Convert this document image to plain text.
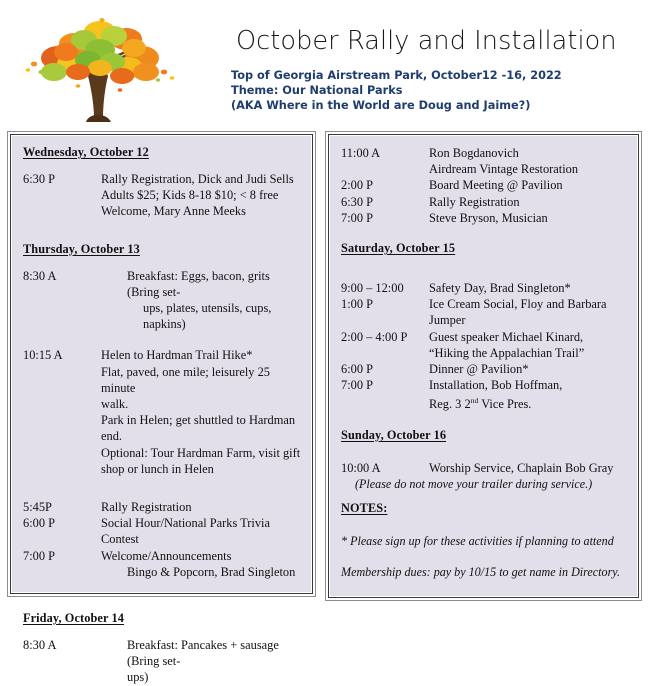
October Rally and Installation
Top of Georgia Airstream Park, October12 -16, 2022
Theme: Our National Parks
(AKA Where in the World are Doug and Jaime?)
Wednesday, October 12
6:30 P	Rally Registration, Dick and Judi Sells
Adults $25; Kids 8-18 $10; < 8 free
Welcome, Mary Anne Meeks
Thursday, October 13
8:30 A	Breakfast: Eggs, bacon, grits (Bring set-
ups, plates, utensils, cups, napkins)
10:15 A	Helen to Hardman Trail Hike*
Flat, paved, one mile; leisurely 25 minute
walk.
Park in Helen; get shuttled to Hardman end.
Optional: Tour Hardman Farm, visit gift
shop or lunch in Helen
5:45P	Rally Registration
6:00 P	Social Hour/National Parks Trivia Contest
7:00 P	Welcome/Announcements
Bingo & Popcorn, Brad Singleton
Friday, October 14
8:30 A	Breakfast: Pancakes + sausage (Bring set-
ups)
11:00 A	Ron Bogdanovich
Airdream Vintage Restoration
2:00 P	Board Meeting @ Pavilion
6:30 P	Rally Registration
7:00 P	Steve Bryson, Musician
Saturday, October 15
9:00 – 12:00	Safety Day, Brad Singleton*
1:00 P	Ice Cream Social, Floy and Barbara
Jumper
2:00 – 4:00 P	Guest speaker Michael Kinard,
“Hiking the Appalachian Trail”
6:00 P	Dinner @ Pavilion*
7:00 P	Installation, Bob Hoffman,
Reg. 3 2nd Vice Pres.
Sunday, October 16
10:00 A	Worship Service, Chaplain Bob Gray
(Please do not move your trailer during service.)
NOTES:
* Please sign up for these activities if planning to attend
Membership dues: pay by 10/15 to get name in Directory.
